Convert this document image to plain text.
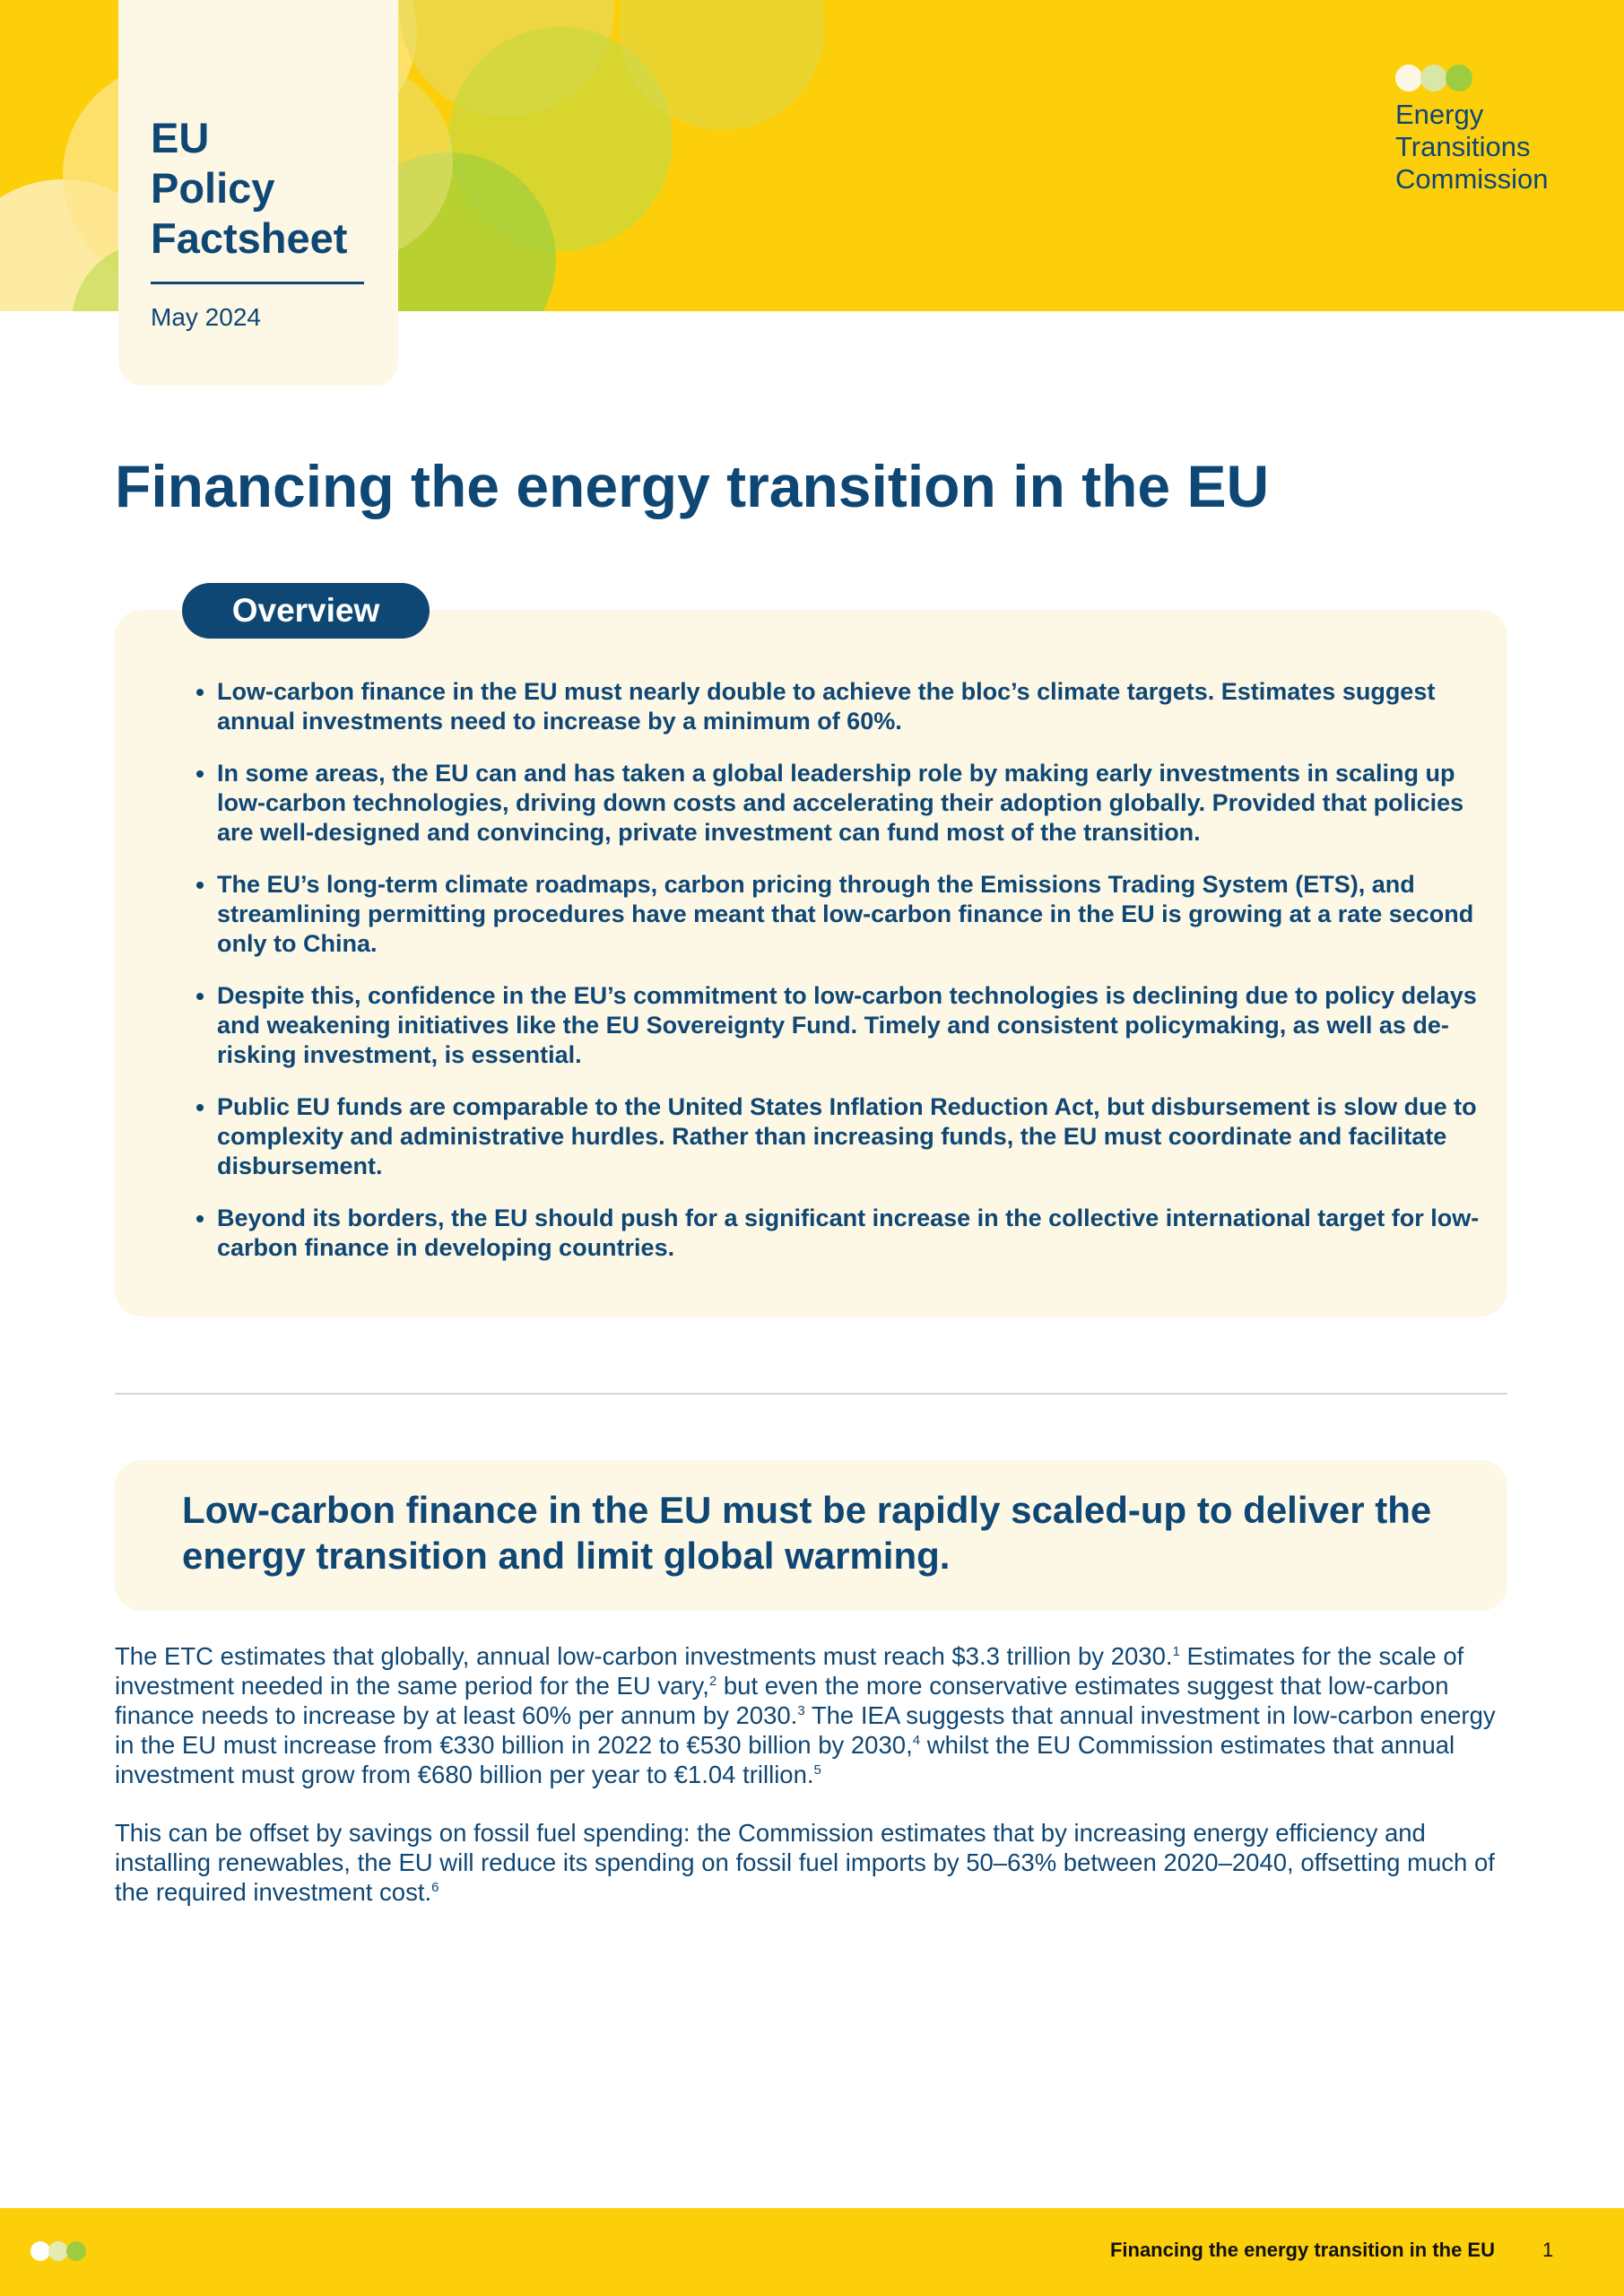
EU
Policy
Factsheet
May 2024
Energy
Transitions
Commission
Financing the energy transition in the EU
Overview
• Low-carbon finance in the EU must nearly double to achieve the bloc’s climate targets. Estimates suggest annual investments need to increase by a minimum of 60%.
• In some areas, the EU can and has taken a global leadership role by making early investments in scaling up low-carbon technologies, driving down costs and accelerating their adoption globally. Provided that policies are well-designed and convincing, private investment can fund most of the transition.
• The EU’s long-term climate roadmaps, carbon pricing through the Emissions Trading System (ETS), and streamlining permitting procedures have meant that low-carbon finance in the EU is growing at a rate second only to China.
• Despite this, confidence in the EU’s commitment to low-carbon technologies is declining due to policy delays and weakening initiatives like the EU Sovereignty Fund. Timely and consistent policymaking, as well as de-risking investment, is essential.
• Public EU funds are comparable to the United States Inflation Reduction Act, but disbursement is slow due to complexity and administrative hurdles. Rather than increasing funds, the EU must coordinate and facilitate disbursement.
• Beyond its borders, the EU should push for a significant increase in the collective international target for low-carbon finance in developing countries.

Low-carbon finance in the EU must be rapidly scaled-up to deliver the energy transition and limit global warming.

The ETC estimates that globally, annual low-carbon investments must reach $3.3 trillion by 2030.$^1$ Estimates for the scale of investment needed in the same period for the EU vary,$^2$ but even the more conservative estimates suggest that low-carbon finance needs to increase by at least 60% per annum by 2030.$^3$ The IEA suggests that annual investment in low-carbon energy in the EU must increase from €330 billion in 2022 to €530 billion by 2030,$^4$ whilst the EU Commission estimates that annual investment must grow from €680 billion per year to €1.04 trillion.$^5$

This can be offset by savings on fossil fuel spending: the Commission estimates that by increasing energy efficiency and installing renewables, the EU will reduce its spending on fossil fuel imports by 50–63% between 2020–2040, offsetting much of the required investment cost.$^6$

Financing the energy transition in the EU 1
